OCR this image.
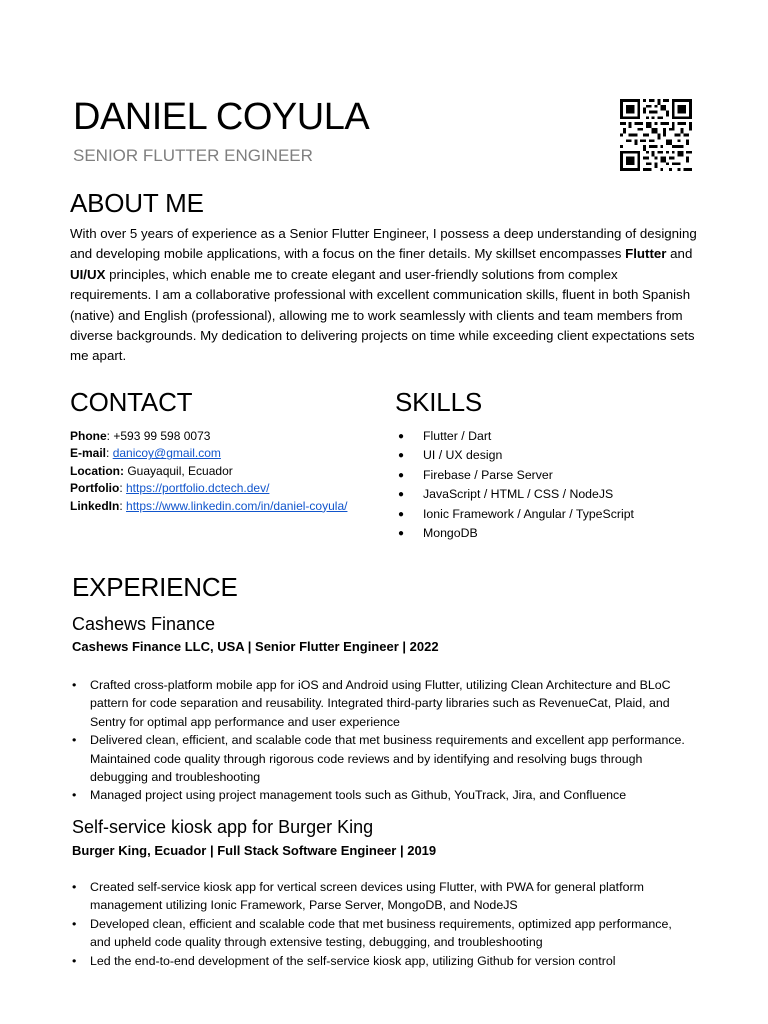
DANIEL COYULA
SENIOR FLUTTER ENGINEER
ABOUT ME
With over 5 years of experience as a Senior Flutter Engineer, I possess a deep understanding of designing and developing mobile applications, with a focus on the finer details. My skillset encompasses Flutter and UI/UX principles, which enable me to create elegant and user-friendly solutions from complex requirements. I am a collaborative professional with excellent communication skills, fluent in both Spanish (native) and English (professional), allowing me to work seamlessly with clients and team members from diverse backgrounds. My dedication to delivering projects on time while exceeding client expectations sets me apart.
CONTACT
Phone: +593 99 598 0073
E-mail: danicoy@gmail.com
Location: Guayaquil, Ecuador
Portfolio: https://portfolio.dctech.dev/
LinkedIn: https://www.linkedin.com/in/daniel-coyula/
SKILLS
● Flutter / Dart
● UI / UX design
● Firebase / Parse Server
● JavaScript / HTML / CSS / NodeJS
● Ionic Framework / Angular / TypeScript
● MongoDB
EXPERIENCE
Cashews Finance
Cashews Finance LLC, USA | Senior Flutter Engineer | 2022
• Crafted cross-platform mobile app for iOS and Android using Flutter, utilizing Clean Architecture and BLoC pattern for code separation and reusability. Integrated third-party libraries such as RevenueCat, Plaid, and Sentry for optimal app performance and user experience
• Delivered clean, efficient, and scalable code that met business requirements and excellent app performance. Maintained code quality through rigorous code reviews and by identifying and resolving bugs through debugging and troubleshooting
• Managed project using project management tools such as Github, YouTrack, Jira, and Confluence
Self-service kiosk app for Burger King
Burger King, Ecuador | Full Stack Software Engineer | 2019
• Created self-service kiosk app for vertical screen devices using Flutter, with PWA for general platform management utilizing Ionic Framework, Parse Server, MongoDB, and NodeJS
• Developed clean, efficient and scalable code that met business requirements, optimized app performance, and upheld code quality through extensive testing, debugging, and troubleshooting
• Led the end-to-end development of the self-service kiosk app, utilizing Github for version control
